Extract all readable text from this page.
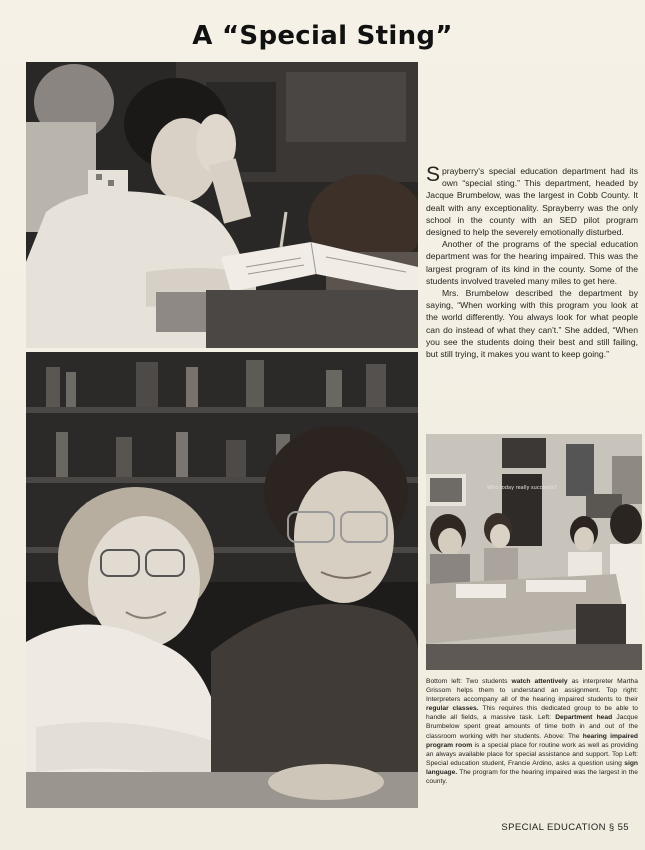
A “Special Sting”
Who today really succeeds?

Sprayberry's special education department had its own “special sting.” This department, headed by Jacque Brumbelow, was the largest in Cobb County. It dealt with any exceptionality. Sprayberry was the only school in the county with an SED pilot program designed to help the severely emotionally disturbed.

Another of the programs of the special education department was for the hearing impaired. This was the largest program of its kind in the county. Some of the students involved traveled many miles to get here.

Mrs. Brumbelow described the department by saying, “When working with this program you look at the world differently. You always look for what people can do instead of what they can't.” She added, “When you see the students doing their best and still failing, but still trying, it makes you want to keep going.”

Bottom left: Two students watch attentively as interpreter Martha Grissom helps them to understand an assignment. Top right: Interpreters accompany all of the hearing impaired students to their regular classes. This requires this dedicated group to be able to handle all fields, a massive task. Left: Department head Jacque Brumbelow spent great amounts of time both in and out of the classroom working with her students. Above: The hearing impaired program room is a special place for routine work as well as providing an always available place for special assistance and support. Top Left: Special education student, Francie Ardino, asks a question using sign language. The program for the hearing impaired was the largest in the county.
SPECIAL EDUCATION § 55
